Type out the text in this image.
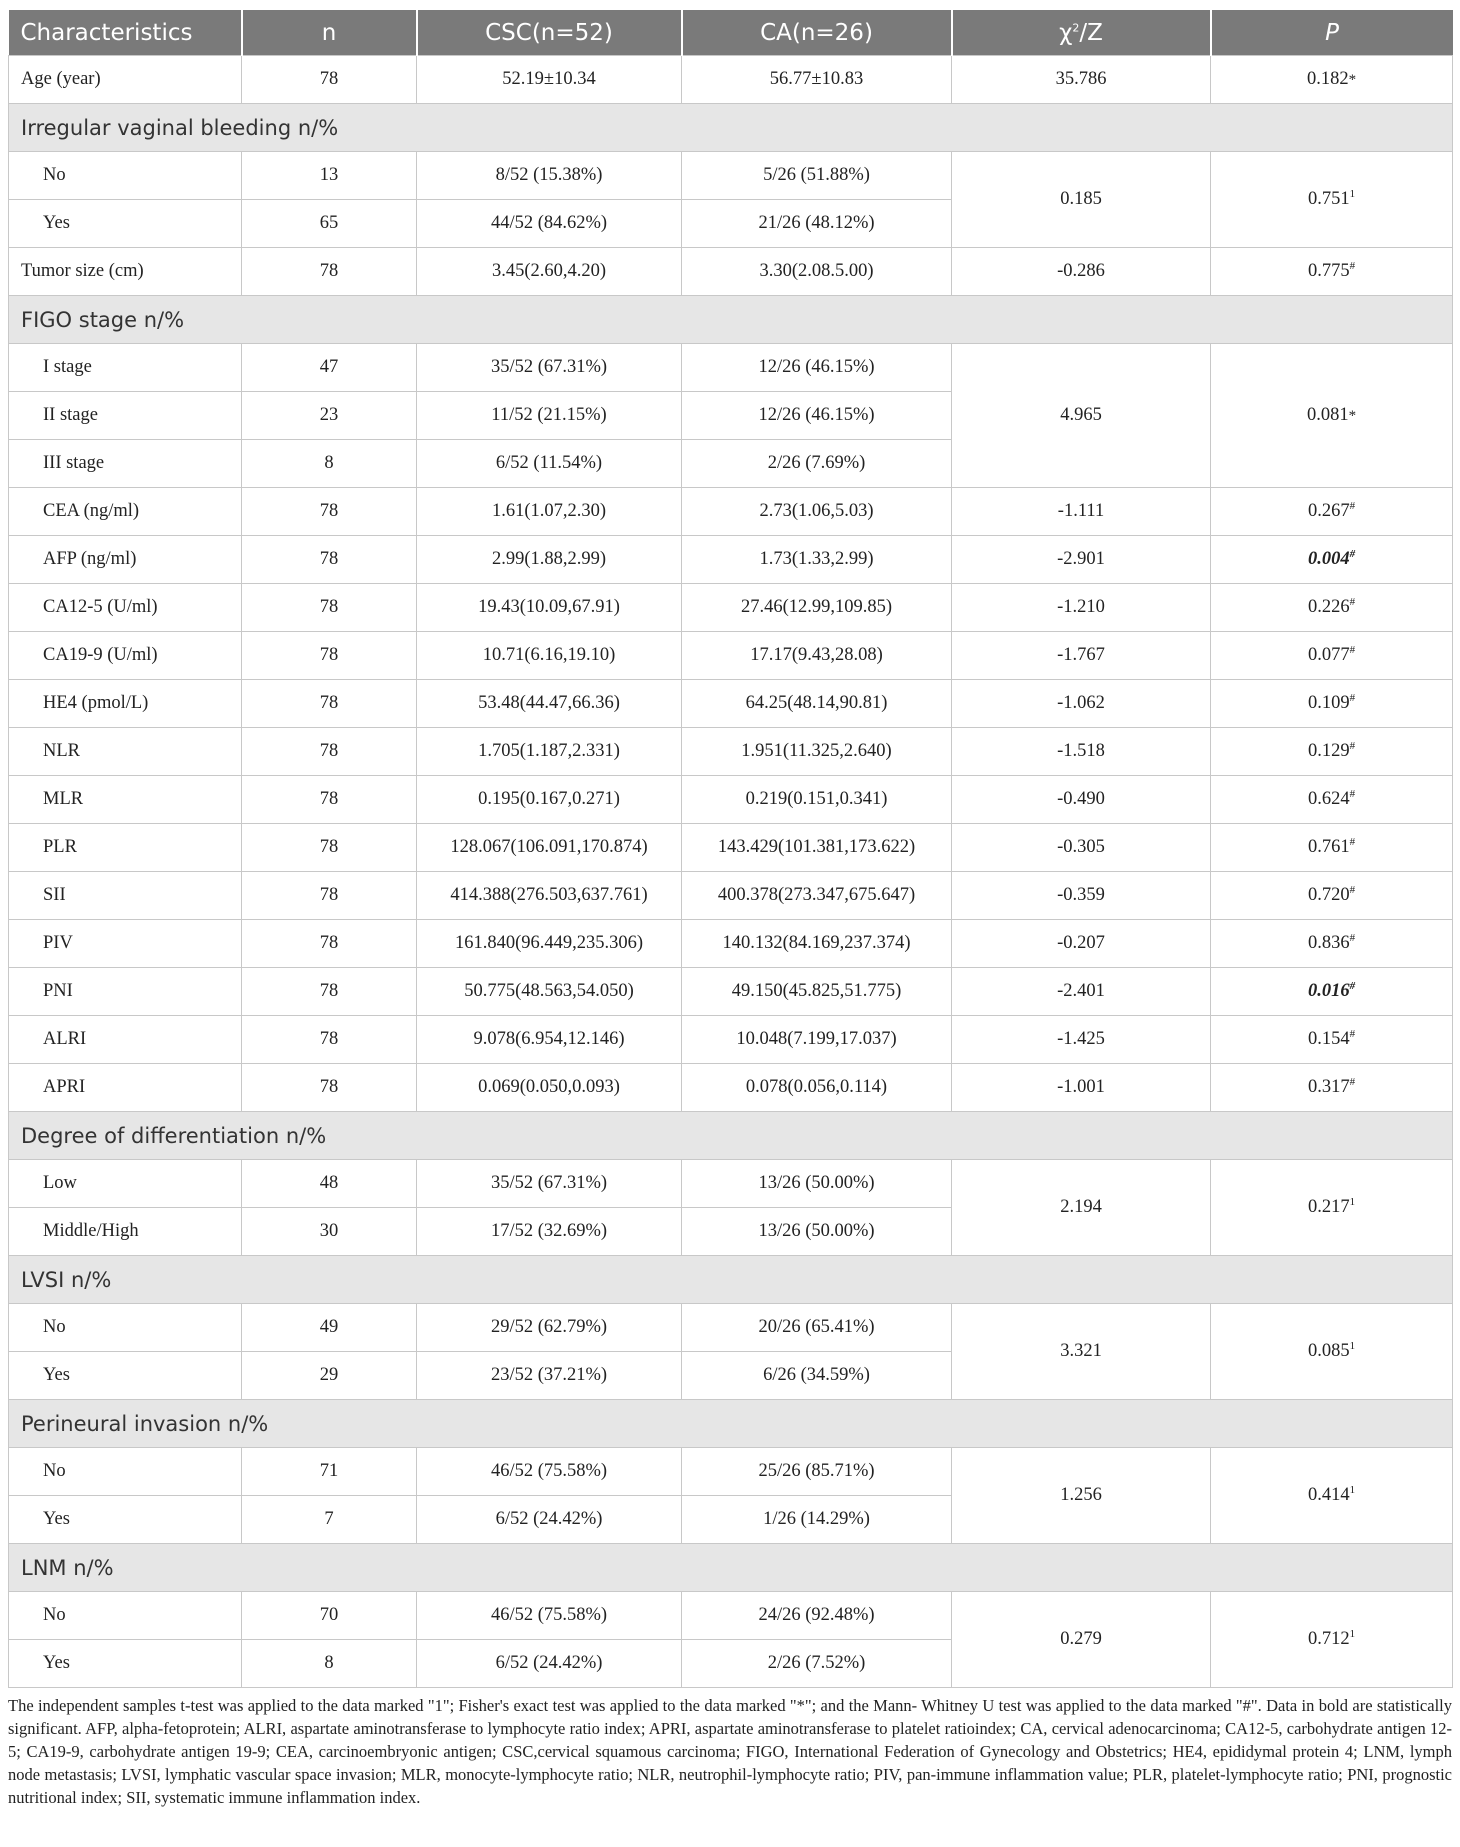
Characteristics	n	CSC(n=52)	CA(n=26)	$\chi^2/Z$	P
Age (year)	78	52.19±10.34	56.77±10.83	35.786	0.182*
Irregular vaginal bleeding n/%					
No	13	8/52 (15.38%)	5/26 (51.88%)	0.185	0.751$^1$
Yes	65	44/52 (84.62%)	21/26 (48.12%)		
Tumor size (cm)	78	3.45(2.60,4.20)	3.30(2.08.5.00)	-0.286	0.775#
FIGO stage n/%					
I stage	47	35/52 (67.31%)	12/26 (46.15%)	4.965	0.081*
II stage	23	11/52 (21.15%)	12/26 (46.15%)		
III stage	8	6/52 (11.54%)	2/26 (7.69%)		
CEA (ng/ml)	78	1.61(1.07,2.30)	2.73(1.06,5.03)	-1.111	0.267#
AFP (ng/ml)	78	2.99(1.88,2.99)	1.73(1.33,2.99)	-2.901	0.004#
CA12-5 (U/ml)	78	19.43(10.09,67.91)	27.46(12.99,109.85)	-1.210	0.226#
CA19-9 (U/ml)	78	10.71(6.16,19.10)	17.17(9.43,28.08)	-1.767	0.077#
HE4 (pmol/L)	78	53.48(44.47,66.36)	64.25(48.14,90.81)	-1.062	0.109#
NLR	78	1.705(1.187,2.331)	1.951(11.325,2.640)	-1.518	0.129#
MLR	78	0.195(0.167,0.271)	0.219(0.151,0.341)	-0.490	0.624#
PLR	78	128.067(106.091,170.874)	143.429(101.381,173.622)	-0.305	0.761#
SII	78	414.388(276.503,637.761)	400.378(273.347,675.647)	-0.359	0.720#
PIV	78	161.840(96.449,235.306)	140.132(84.169,237.374)	-0.207	0.836#
PNI	78	50.775(48.563,54.050)	49.150(45.825,51.775)	-2.401	0.016#
ALRI	78	9.078(6.954,12.146)	10.048(7.199,17.037)	-1.425	0.154#
APRI	78	0.069(0.050,0.093)	0.078(0.056,0.114)	-1.001	0.317#
Degree of differentiation n/%					
Low	48	35/52 (67.31%)	13/26 (50.00%)	2.194	0.217$^1$
Middle/High	30	17/52 (32.69%)	13/26 (50.00%)		
LVSI n/%					
No	49	29/52 (62.79%)	20/26 (65.41%)	3.321	0.085$^1$
Yes	29	23/52 (37.21%)	6/26 (34.59%)		
Perineural invasion n/%					
No	71	46/52 (75.58%)	25/26 (85.71%)	1.256	0.414$^1$
Yes	7	6/52 (24.42%)	1/26 (14.29%)		
LNM n/%					
No	70	46/52 (75.58%)	24/26 (92.48%)	0.279	0.712$^1$
Yes	8	6/52 (24.42%)	2/26 (7.52%)		
The independent samples t-test was applied to the data marked "1"; Fisher's exact test was applied to the data marked "*"; and the Mann- Whitney U test was applied to the data marked "#". Data in bold are statistically significant. AFP, alpha-fetoprotein; ALRI, aspartate aminotransferase to lymphocyte ratio index; APRI, aspartate aminotransferase to platelet ratioindex; CA, cervical adenocarcinoma; CA12-5, carbohydrate antigen 12-5; CA19-9, carbohydrate antigen 19-9; CEA, carcinoembryonic antigen; CSC,cervical squamous carcinoma; FIGO, International Federation of Gynecology and Obstetrics; HE4, epididymal protein 4; LNM, lymph node metastasis; LVSI, lymphatic vascular space invasion; MLR, monocyte-lymphocyte ratio; NLR, neutrophil-lymphocyte ratio; PIV, pan-immune inflammation value; PLR, platelet-lymphocyte ratio; PNI, prognostic nutritional index; SII, systematic immune inflammation index.
